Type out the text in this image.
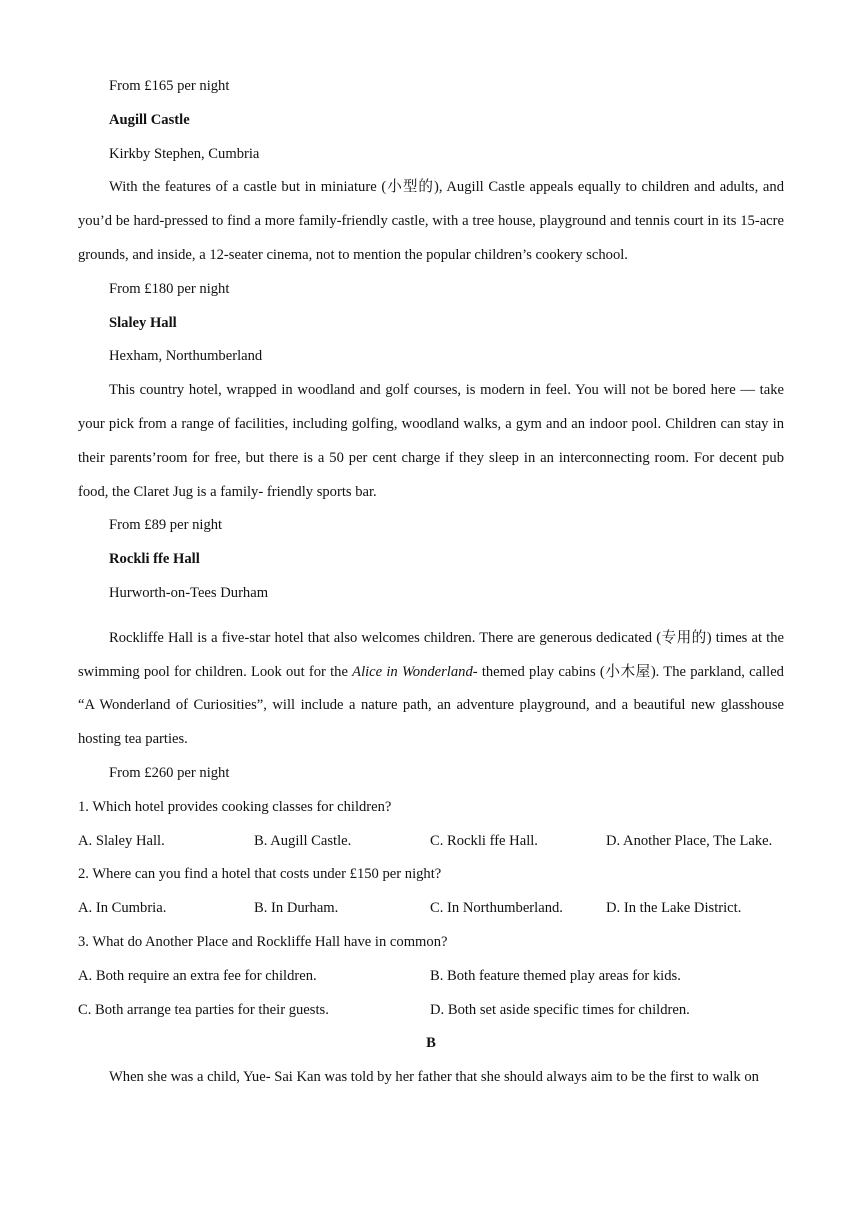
From £165 per night

Augill Castle

Kirkby Stephen, Cumbria

With the features of a castle but in miniature (小型的), Augill Castle appeals equally to children and adults, and you’d be hard-pressed to find a more family-friendly castle, with a tree house, playground and tennis court in its 15-acre grounds, and inside, a 12-seater cinema, not to mention the popular children’s cookery school.

From £180 per night

Slaley Hall

Hexham, Northumberland

This country hotel, wrapped in woodland and golf courses, is modern in feel. You will not be bored here — take your pick from a range of facilities, including golfing, woodland walks, a gym and an indoor pool. Children can stay in their parents’room for free, but there is a 50 per cent charge if they sleep in an interconnecting room. For decent pub food, the Claret Jug is a family- friendly sports bar.

From £89 per night

Rockli ffe Hall

Hurworth-on-Tees Durham

Rockliffe Hall is a five-star hotel that also welcomes children. There are generous dedicated (专用的) times at the swimming pool for children. Look out for the Alice in Wonderland- themed play cabins (小木屋). The parkland, called “A Wonderland of Curiosities”, will include a nature path, an adventure playground, and a beautiful new glasshouse hosting tea parties.

From £260 per night

1. Which hotel provides cooking classes for children?

A. Slaley Hall.	B. Augill Castle.	C. Rockli ffe Hall.	D. Another Place, The Lake.

2. Where can you find a hotel that costs under £150 per night?

A. In Cumbria.	B. In Durham.	C. In Northumberland.	D. In the Lake District.

3. What do Another Place and Rockliffe Hall have in common?

A. Both require an extra fee for children.	B. Both feature themed play areas for kids.
C. Both arrange tea parties for their guests.	D. Both set aside specific times for children.

B

When she was a child, Yue- Sai Kan was told by her father that she should always aim to be the first to walk on
